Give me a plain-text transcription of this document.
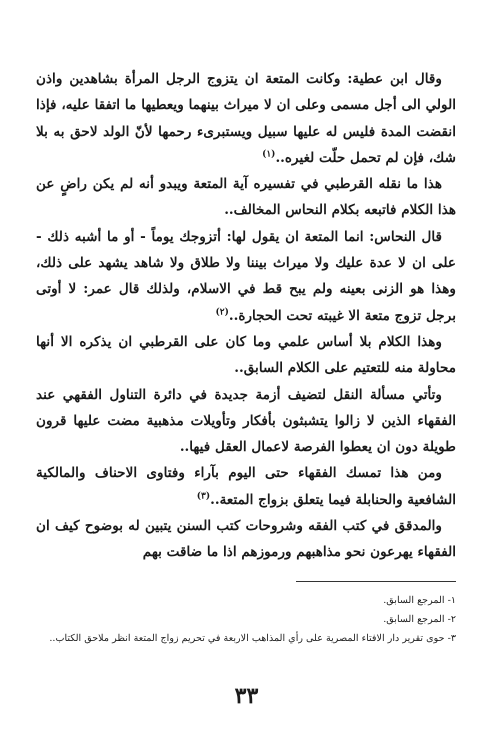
وقال ابن عطية: وكانت المتعة ان يتزوج الرجل المرأة بشاهدين واذن الولي الى أجل مسمى وعلى ان لا ميراث بينهما ويعطيها ما اتفقا عليه، فإذا انقضت المدة فليس له عليها سبيل ويستبرىء رحمها لأنّ الولد لاحق به بلا شك، فإن لم تحمل حلّت لغيره..$^{(١)}$

هذا ما نقله القرطبي في تفسيره آية المتعة ويبدو أنه لم يكن راضٍ عن هذا الكلام فاتبعه بكلام النحاس المخالف..

قال النحاس: انما المتعة ان يقول لها: أتزوجك يوماً - أو ما أشبه ذلك - على ان لا عدة عليك ولا ميراث بيننا ولا طلاق ولا شاهد يشهد على ذلك، وهذا هو الزنى بعينه ولم يبح قط في الاسلام، ولذلك قال عمر: لا أوتى برجل تزوج متعة الا غيبته تحت الحجارة..$^{(٢)}$

وهذا الكلام بلا أساس علمي وما كان على القرطبي ان يذكره الا أنها محاولة منه للتعتيم على الكلام السابق..

وتأتي مسألة النقل لتضيف أزمة جديدة في دائرة التناول الفقهي عند الفقهاء الذين لا زالوا يتشبثون بأفكار وتأويلات مذهبية مضت عليها قرون طويلة دون ان يعطوا الفرصة لاعمال العقل فيها..

ومن هذا تمسك الفقهاء حتى اليوم بآراء وفتاوى الاحناف والمالكية الشافعية والحنابلة فيما يتعلق بزواج المتعة..$^{(٣)}$

والمدقق في كتب الفقه وشروحات كتب السنن يتبين له بوضوح كيف ان الفقهاء يهرعون نحو مذاهبهم ورموزهم اذا ما ضاقت بهم

١- المرجع السابق.

٢- المرجع السابق.

٣- حوى تقرير دار الافتاء المصرية على رأي المذاهب الاربعة في تحريم زواج المتعة انظر ملاحق الكتاب..

٣٣
